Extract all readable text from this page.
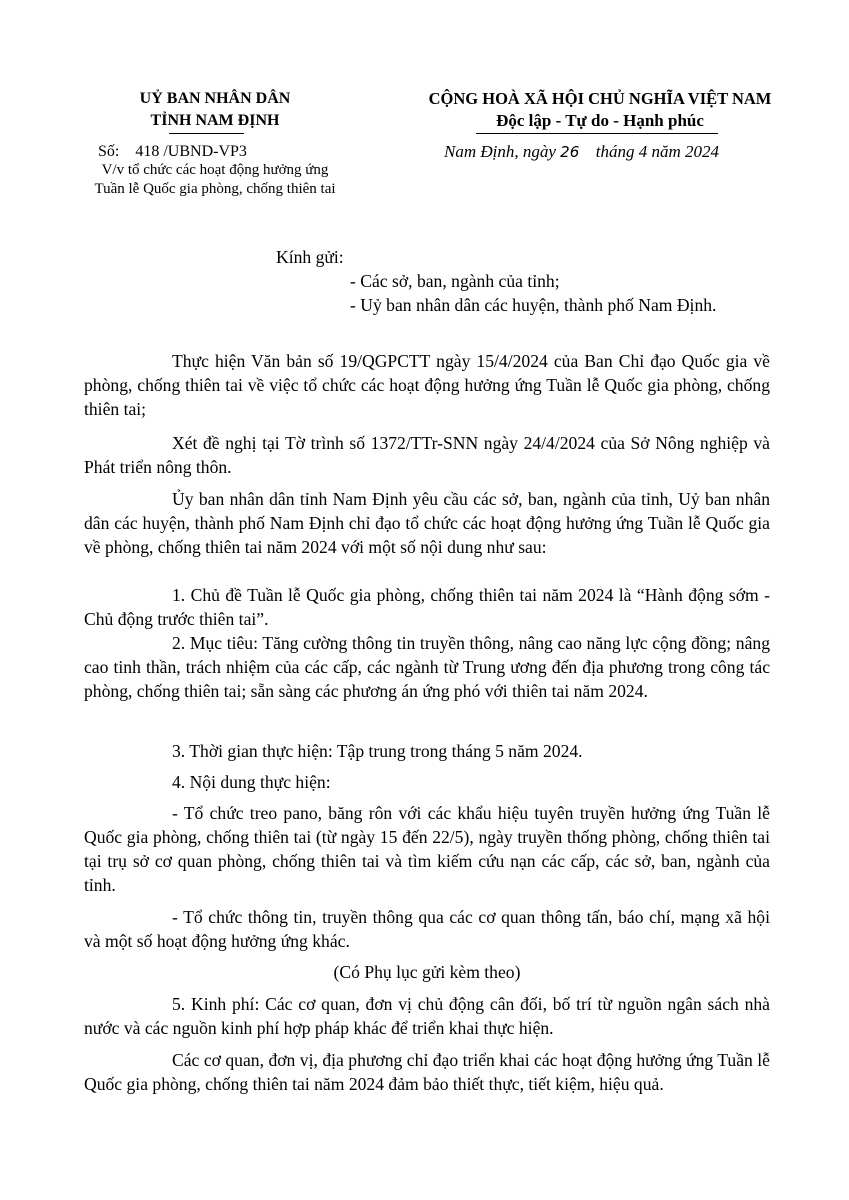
UỶ BAN NHÂN DÂN
TỈNH NAM ĐỊNH
Số: 418 /UBND-VP3
V/v tổ chức các hoạt động hưởng ứng
Tuần lễ Quốc gia phòng, chống thiên tai
CỘNG HOÀ XÃ HỘI CHỦ NGHĨA VIỆT NAM
Độc lập - Tự do - Hạnh phúc
Nam Định, ngày 26 tháng 4 năm 2024
Kính gửi:
- Các sở, ban, ngành của tỉnh;
- Uỷ ban nhân dân các huyện, thành phố Nam Định.
Thực hiện Văn bản số 19/QGPCTT ngày 15/4/2024 của Ban Chỉ đạo Quốc gia về phòng, chống thiên tai về việc tổ chức các hoạt động hưởng ứng Tuần lễ Quốc gia phòng, chống thiên tai;
Xét đề nghị tại Tờ trình số 1372/TTr-SNN ngày 24/4/2024 của Sở Nông nghiệp và Phát triển nông thôn.
Ủy ban nhân dân tỉnh Nam Định yêu cầu các sở, ban, ngành của tỉnh, Uỷ ban nhân dân các huyện, thành phố Nam Định chỉ đạo tổ chức các hoạt động hưởng ứng Tuần lễ Quốc gia về phòng, chống thiên tai năm 2024 với một số nội dung như sau:
1. Chủ đề Tuần lễ Quốc gia phòng, chống thiên tai năm 2024 là “Hành động sớm - Chủ động trước thiên tai”.
2. Mục tiêu: Tăng cường thông tin truyền thông, nâng cao năng lực cộng đồng; nâng cao tinh thần, trách nhiệm của các cấp, các ngành từ Trung ương đến địa phương trong công tác phòng, chống thiên tai; sẵn sàng các phương án ứng phó với thiên tai năm 2024.
3. Thời gian thực hiện: Tập trung trong tháng 5 năm 2024.
4. Nội dung thực hiện:
- Tổ chức treo pano, băng rôn với các khẩu hiệu tuyên truyền hưởng ứng Tuần lễ Quốc gia phòng, chống thiên tai (từ ngày 15 đến 22/5), ngày truyền thống phòng, chống thiên tai tại trụ sở cơ quan phòng, chống thiên tai và tìm kiếm cứu nạn các cấp, các sở, ban, ngành của tỉnh.
- Tổ chức thông tin, truyền thông qua các cơ quan thông tấn, báo chí, mạng xã hội và một số hoạt động hưởng ứng khác.
(Có Phụ lục gửi kèm theo)
5. Kinh phí: Các cơ quan, đơn vị chủ động cân đối, bố trí từ nguồn ngân sách nhà nước và các nguồn kinh phí hợp pháp khác để triển khai thực hiện.
Các cơ quan, đơn vị, địa phương chỉ đạo triển khai các hoạt động hưởng ứng Tuần lễ Quốc gia phòng, chống thiên tai năm 2024 đảm bảo thiết thực, tiết kiệm, hiệu quả.
